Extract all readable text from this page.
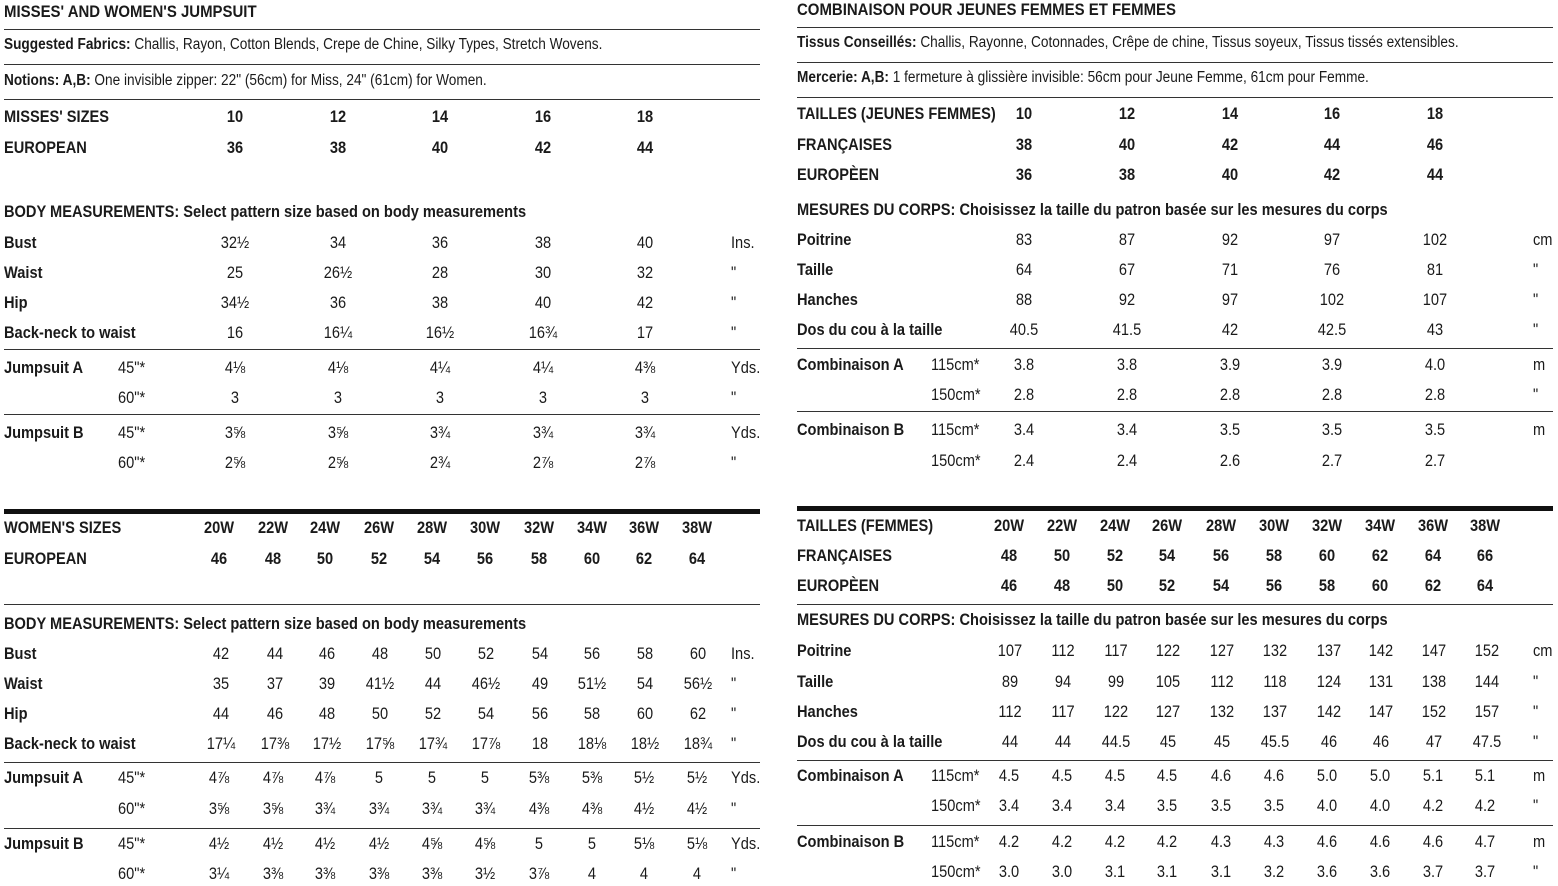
MISSES' AND WOMEN'S JUMPSUIT
Suggested Fabrics: Challis, Rayon, Cotton Blends, Crepe de Chine, Silky Types, Stretch Wovens.
Notions: A,B: One invisible zipper: 22" (56cm) for Miss, 24" (61cm) for Women.
MISSES' SIZES	10	12	14	16	18
EUROPEAN	36	38	40	42	44
BODY MEASUREMENTS: Select pattern size based on body measurements
Bust	32½	34	36	38	40	Ins.
Waist	25	26½	28	30	32	"
Hip	34½	36	38	40	42	"
Back-neck to waist	16	16¼	16½	16¾	17	"
Jumpsuit A 45"*	4⅛	4⅛	4¼	4¼	4⅜	Yds.
60"*	3	3	3	3	3	"
Jumpsuit B 45"*	3⅝	3⅝	3¾	3¾	3¾	Yds.
60"*	2⅝	2⅝	2¾	2⅞	2⅞	"
WOMEN'S SIZES	20W 22W 24W 26W 28W 30W 32W 34W 36W 38W
EUROPEAN	46 48 50 52 54 56 58 60 62 64
BODY MEASUREMENTS: Select pattern size based on body measurements
Bust	42 44 46 48 50 52 54 56 58 60 Ins.
Waist	35 37 39 41½ 44 46½ 49 51½ 54 56½ "
Hip	44 46 48 50 52 54 56 58 60 62 "
Back-neck to waist	17¼ 17⅜ 17½ 17⅝ 17¾ 17⅞ 18 18⅛ 18½ 18¾ "
Jumpsuit A 45"*	4⅞ 4⅞ 4⅞ 5	5	5 5⅜ 5⅜ 5½ 5½ Yds.
60"*	3⅝ 3⅝ 3¾ 3¾ 3¾ 3¾ 4⅜ 4⅜ 4½ 4½ "
Jumpsuit B 45"*	4½ 4½ 4½ 4½ 4⅝ 4⅝ 5	5 5⅛ 5⅛ Yds.
60"*	3¼ 3⅜ 3⅜ 3⅜ 3⅜ 3½ 3⅞ 4	4	4 "
COMBINAISON POUR JEUNES FEMMES ET FEMMES
Tissus Conseillés: Challis, Rayonne, Cotonnades, Crêpe de chine, Tissus soyeux, Tissus tissés extensibles.
Mercerie: A,B: 1 fermeture à glissière invisible: 56cm pour Jeune Femme, 61cm pour Femme.
TAILLES (JEUNES FEMMES) 10	12	14	16	18
FRANÇAISES	38	40	42	44	46
EUROPÈEN	36	38	40	42	44
MESURES DU CORPS: Choisissez la taille du patron basée sur les mesures du corps
Poitrine	83	87	92	97	102	cm
Taille	64	67	71	76	81	"
Hanches	88	92	97	102	107	"
Dos du cou à la taille	40.5	41.5	42	42.5	43	"
Combinaison A 115cm* 3.8	3.8	3.9	3.9	4.0	m
150cm* 2.8	2.8	2.8	2.8	2.8	"
Combinaison B 115cm* 3.4	3.4	3.5	3.5	3.5	m
150cm* 2.4	2.4	2.6	2.7	2.7
TAILLES (FEMMES)	20W 22W 24W 26W 28W 30W 32W 34W 36W 38W
FRANÇAISES	48 50 52 54 56 58 60 62 64 66
EUROPÈEN	46 48 50 52 54 56 58 60 62 64
MESURES DU CORPS: Choisissez la taille du patron basée sur les mesures du corps
Poitrine	107 112 117 122 127 132 137 142 147 152 cm
Taille	89 94 99 105 112 118 124 131 138 144 "
Hanches	112 117 122 127 132 137 142 147 152 157 "
Dos du cou à la taille	44 44 44.5 45 45 45.5 46 46 47 47.5 "
Combinaison A 115cm* 4.5 4.5 4.5 4.5 4.6 4.6 5.0 5.0 5.1 5.1 m
150cm* 3.4 3.4 3.4 3.5 3.5 3.5 4.0 4.0 4.2 4.2 "
Combinaison B 115cm* 4.2 4.2 4.2 4.2 4.3 4.3 4.6 4.6 4.6 4.7 m
150cm* 3.0 3.0 3.1 3.1 3.1 3.2 3.6 3.6 3.7 3.7 "
